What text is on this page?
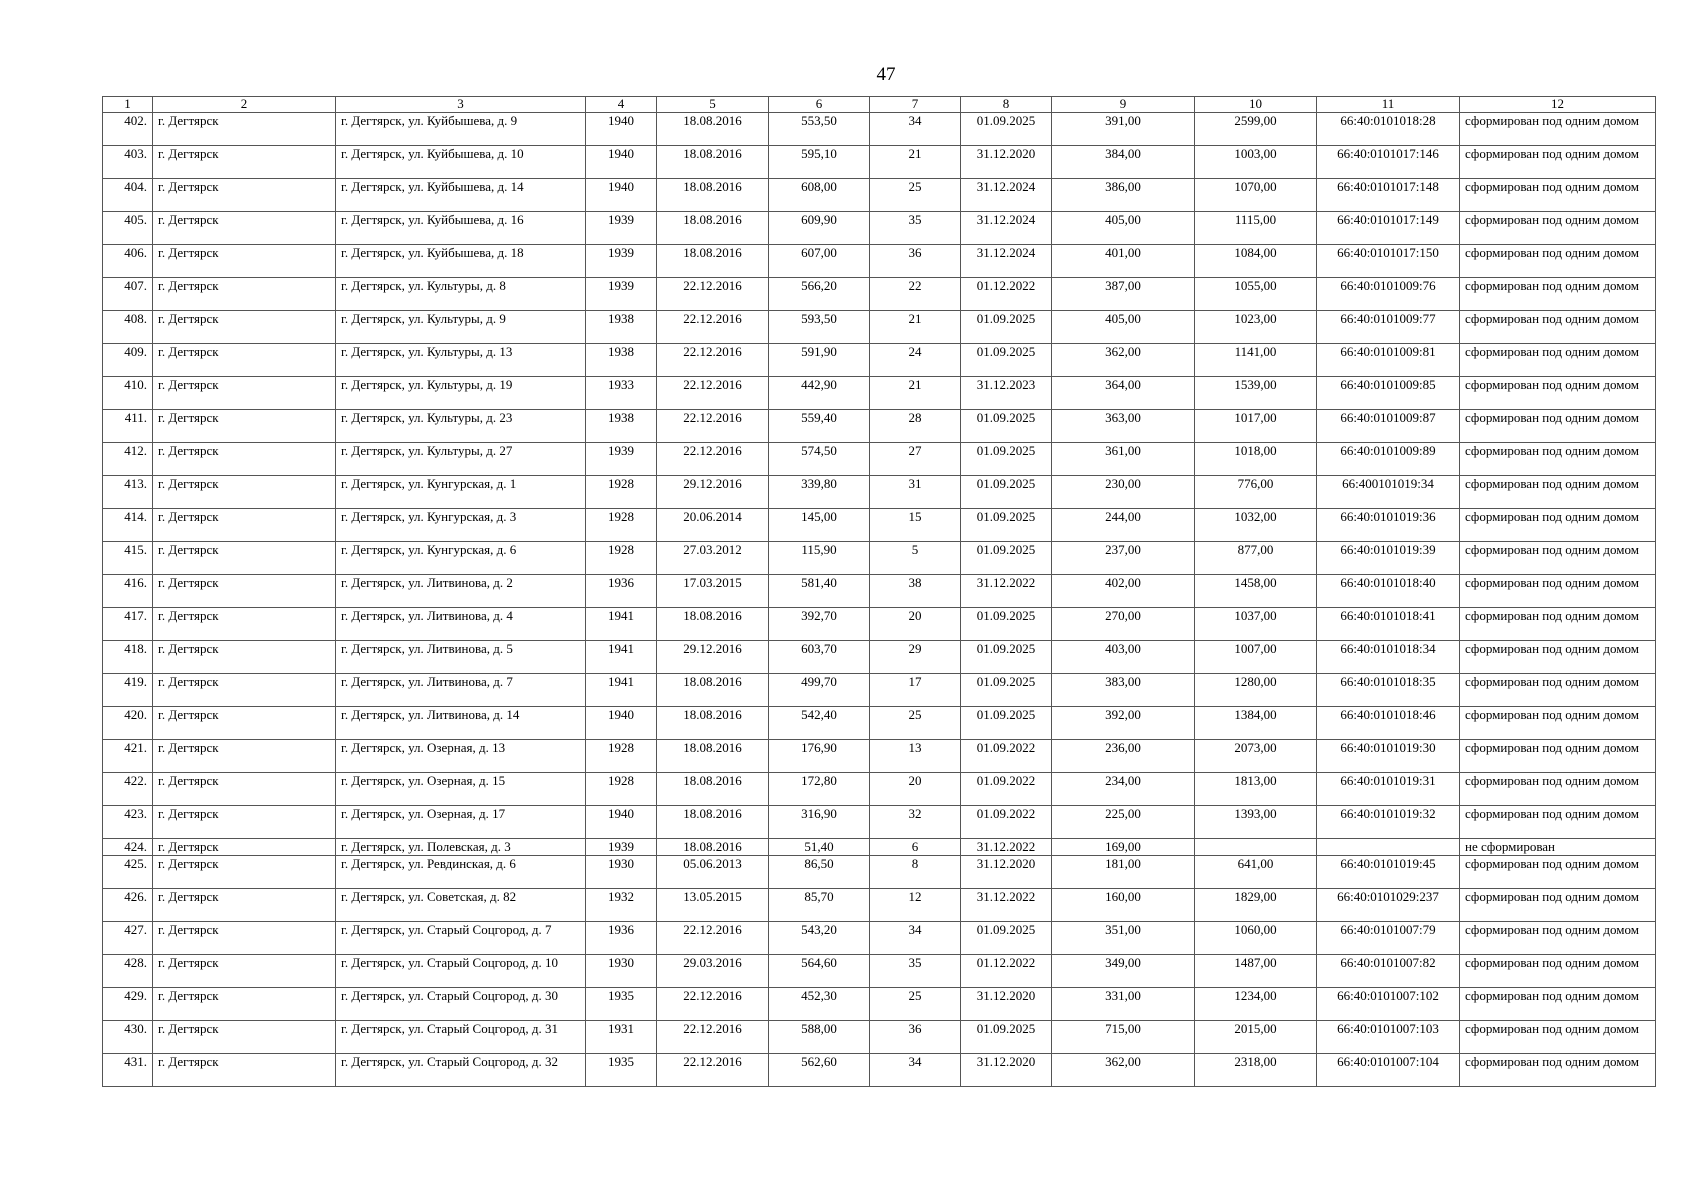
47
1	2	3	4	5	6	7	8	9	10	11	12
402.	г. Дегтярск	г. Дегтярск, ул. Куйбышева, д. 9	1940	18.08.2016	553,50	34	01.09.2025	391,00	2599,00	66:40:0101018:28	сформирован под одним домом
403.	г. Дегтярск	г. Дегтярск, ул. Куйбышева, д. 10	1940	18.08.2016	595,10	21	31.12.2020	384,00	1003,00	66:40:0101017:146	сформирован под одним домом
404.	г. Дегтярск	г. Дегтярск, ул. Куйбышева, д. 14	1940	18.08.2016	608,00	25	31.12.2024	386,00	1070,00	66:40:0101017:148	сформирован под одним домом
405.	г. Дегтярск	г. Дегтярск, ул. Куйбышева, д. 16	1939	18.08.2016	609,90	35	31.12.2024	405,00	1115,00	66:40:0101017:149	сформирован под одним домом
406.	г. Дегтярск	г. Дегтярск, ул. Куйбышева, д. 18	1939	18.08.2016	607,00	36	31.12.2024	401,00	1084,00	66:40:0101017:150	сформирован под одним домом
407.	г. Дегтярск	г. Дегтярск, ул. Культуры, д. 8	1939	22.12.2016	566,20	22	01.12.2022	387,00	1055,00	66:40:0101009:76	сформирован под одним домом
408.	г. Дегтярск	г. Дегтярск, ул. Культуры, д. 9	1938	22.12.2016	593,50	21	01.09.2025	405,00	1023,00	66:40:0101009:77	сформирован под одним домом
409.	г. Дегтярск	г. Дегтярск, ул. Культуры, д. 13	1938	22.12.2016	591,90	24	01.09.2025	362,00	1141,00	66:40:0101009:81	сформирован под одним домом
410.	г. Дегтярск	г. Дегтярск, ул. Культуры, д. 19	1933	22.12.2016	442,90	21	31.12.2023	364,00	1539,00	66:40:0101009:85	сформирован под одним домом
411.	г. Дегтярск	г. Дегтярск, ул. Культуры, д. 23	1938	22.12.2016	559,40	28	01.09.2025	363,00	1017,00	66:40:0101009:87	сформирован под одним домом
412.	г. Дегтярск	г. Дегтярск, ул. Культуры, д. 27	1939	22.12.2016	574,50	27	01.09.2025	361,00	1018,00	66:40:0101009:89	сформирован под одним домом
413.	г. Дегтярск	г. Дегтярск, ул. Кунгурская, д. 1	1928	29.12.2016	339,80	31	01.09.2025	230,00	776,00	66:400101019:34	сформирован под одним домом
414.	г. Дегтярск	г. Дегтярск, ул. Кунгурская, д. 3	1928	20.06.2014	145,00	15	01.09.2025	244,00	1032,00	66:40:0101019:36	сформирован под одним домом
415.	г. Дегтярск	г. Дегтярск, ул. Кунгурская, д. 6	1928	27.03.2012	115,90	5	01.09.2025	237,00	877,00	66:40:0101019:39	сформирован под одним домом
416.	г. Дегтярск	г. Дегтярск, ул. Литвинова, д. 2	1936	17.03.2015	581,40	38	31.12.2022	402,00	1458,00	66:40:0101018:40	сформирован под одним домом
417.	г. Дегтярск	г. Дегтярск, ул. Литвинова, д. 4	1941	18.08.2016	392,70	20	01.09.2025	270,00	1037,00	66:40:0101018:41	сформирован под одним домом
418.	г. Дегтярск	г. Дегтярск, ул. Литвинова, д. 5	1941	29.12.2016	603,70	29	01.09.2025	403,00	1007,00	66:40:0101018:34	сформирован под одним домом
419.	г. Дегтярск	г. Дегтярск, ул. Литвинова, д. 7	1941	18.08.2016	499,70	17	01.09.2025	383,00	1280,00	66:40:0101018:35	сформирован под одним домом
420.	г. Дегтярск	г. Дегтярск, ул. Литвинова, д. 14	1940	18.08.2016	542,40	25	01.09.2025	392,00	1384,00	66:40:0101018:46	сформирован под одним домом
421.	г. Дегтярск	г. Дегтярск, ул. Озерная, д. 13	1928	18.08.2016	176,90	13	01.09.2022	236,00	2073,00	66:40:0101019:30	сформирован под одним домом
422.	г. Дегтярск	г. Дегтярск, ул. Озерная, д. 15	1928	18.08.2016	172,80	20	01.09.2022	234,00	1813,00	66:40:0101019:31	сформирован под одним домом
423.	г. Дегтярск	г. Дегтярск, ул. Озерная, д. 17	1940	18.08.2016	316,90	32	01.09.2022	225,00	1393,00	66:40:0101019:32	сформирован под одним домом
424.	г. Дегтярск	г. Дегтярск, ул. Полевская, д. 3	1939	18.08.2016	51,40	6	31.12.2022	169,00			не сформирован
425.	г. Дегтярск	г. Дегтярск, ул. Ревдинская, д. 6	1930	05.06.2013	86,50	8	31.12.2020	181,00	641,00	66:40:0101019:45	сформирован под одним домом
426.	г. Дегтярск	г. Дегтярск, ул. Советская, д. 82	1932	13.05.2015	85,70	12	31.12.2022	160,00	1829,00	66:40:0101029:237	сформирован под одним домом
427.	г. Дегтярск	г. Дегтярск, ул. Старый Соцгород, д. 7	1936	22.12.2016	543,20	34	01.09.2025	351,00	1060,00	66:40:0101007:79	сформирован под одним домом
428.	г. Дегтярск	г. Дегтярск, ул. Старый Соцгород, д. 10	1930	29.03.2016	564,60	35	01.12.2022	349,00	1487,00	66:40:0101007:82	сформирован под одним домом
429.	г. Дегтярск	г. Дегтярск, ул. Старый Соцгород, д. 30	1935	22.12.2016	452,30	25	31.12.2020	331,00	1234,00	66:40:0101007:102	сформирован под одним домом
430.	г. Дегтярск	г. Дегтярск, ул. Старый Соцгород, д. 31	1931	22.12.2016	588,00	36	01.09.2025	715,00	2015,00	66:40:0101007:103	сформирован под одним домом
431.	г. Дегтярск	г. Дегтярск, ул. Старый Соцгород, д. 32	1935	22.12.2016	562,60	34	31.12.2020	362,00	2318,00	66:40:0101007:104	сформирован под одним домом
